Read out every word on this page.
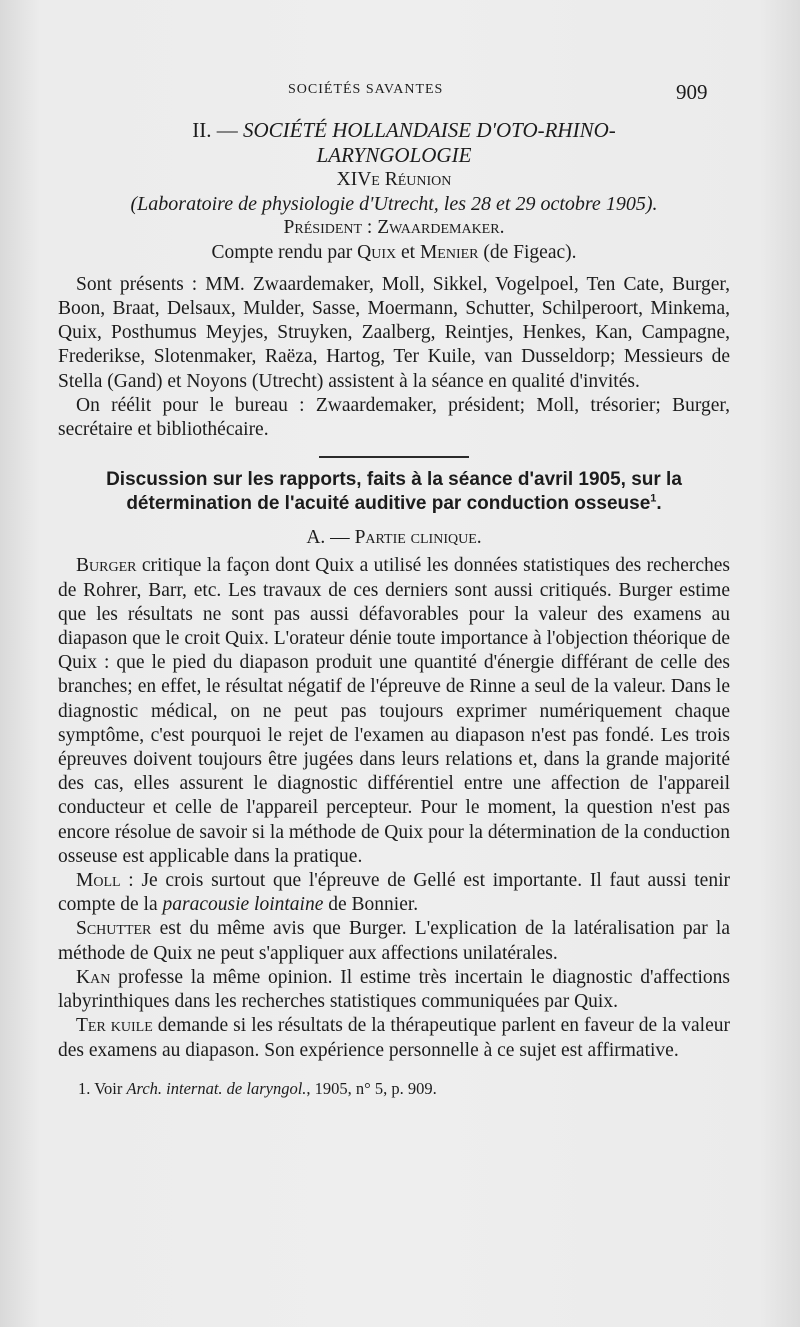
SOCIÉTÉS SAVANTES	909
II. — SOCIÉTÉ HOLLANDAISE D'OTO-RHINO-
LARYNGOLOGIE
XIVe Réunion
(Laboratoire de physiologie d'Utrecht, les 28 et 29 octobre 1905).
Président : Zwaardemaker.
Compte rendu par Quix et Menier (de Figeac).

Sont présents : MM. Zwaardemaker, Moll, Sikkel, Vogelpoel, Ten Cate, Burger, Boon, Braat, Delsaux, Mulder, Sasse, Moermann, Schutter, Schilperoort, Minkema, Quix, Posthumus Meyjes, Struyken, Zaalberg, Reintjes, Henkes, Kan, Campagne, Frederikse, Slotenmaker, Raëza, Hartog, Ter Kuile, van Dusseldorp; Messieurs de Stella (Gand) et Noyons (Utrecht) assistent à la séance en qualité d'invités.

On réélit pour le bureau : Zwaardemaker, président; Moll, trésorier; Burger, secrétaire et bibliothécaire.

Discussion sur les rapports, faits à la séance d'avril 1905, sur la détermination de l'acuité auditive par conduction osseuse$^1$.
A. — Partie clinique.

Burger critique la façon dont Quix a utilisé les données statistiques des recherches de Rohrer, Barr, etc. Les travaux de ces derniers sont aussi critiqués. Burger estime que les résultats ne sont pas aussi défavorables pour la valeur des examens au diapason que le croit Quix. L'orateur dénie toute importance à l'objection théorique de Quix : que le pied du diapason produit une quantité d'énergie différant de celle des branches; en effet, le résultat négatif de l'épreuve de Rinne a seul de la valeur. Dans le diagnostic médical, on ne peut pas toujours exprimer numériquement chaque symptôme, c'est pourquoi le rejet de l'examen au diapason n'est pas fondé. Les trois épreuves doivent toujours être jugées dans leurs relations et, dans la grande majorité des cas, elles assurent le diagnostic différentiel entre une affection de l'appareil conducteur et celle de l'appareil percepteur. Pour le moment, la question n'est pas encore résolue de savoir si la méthode de Quix pour la détermination de la conduction osseuse est applicable dans la pratique.

Moll : Je crois surtout que l'épreuve de Gellé est importante. Il faut aussi tenir compte de la paracousie lointaine de Bonnier.

Schutter est du même avis que Burger. L'explication de la latéralisation par la méthode de Quix ne peut s'appliquer aux affections unilatérales.

Kan professe la même opinion. Il estime très incertain le diagnostic d'affections labyrinthiques dans les recherches statistiques communiquées par Quix.

Ter kuile demande si les résultats de la thérapeutique parlent en faveur de la valeur des examens au diapason. Son expérience personnelle à ce sujet est affirmative.

1. Voir Arch. internat. de laryngol., 1905, n° 5, p. 909.
